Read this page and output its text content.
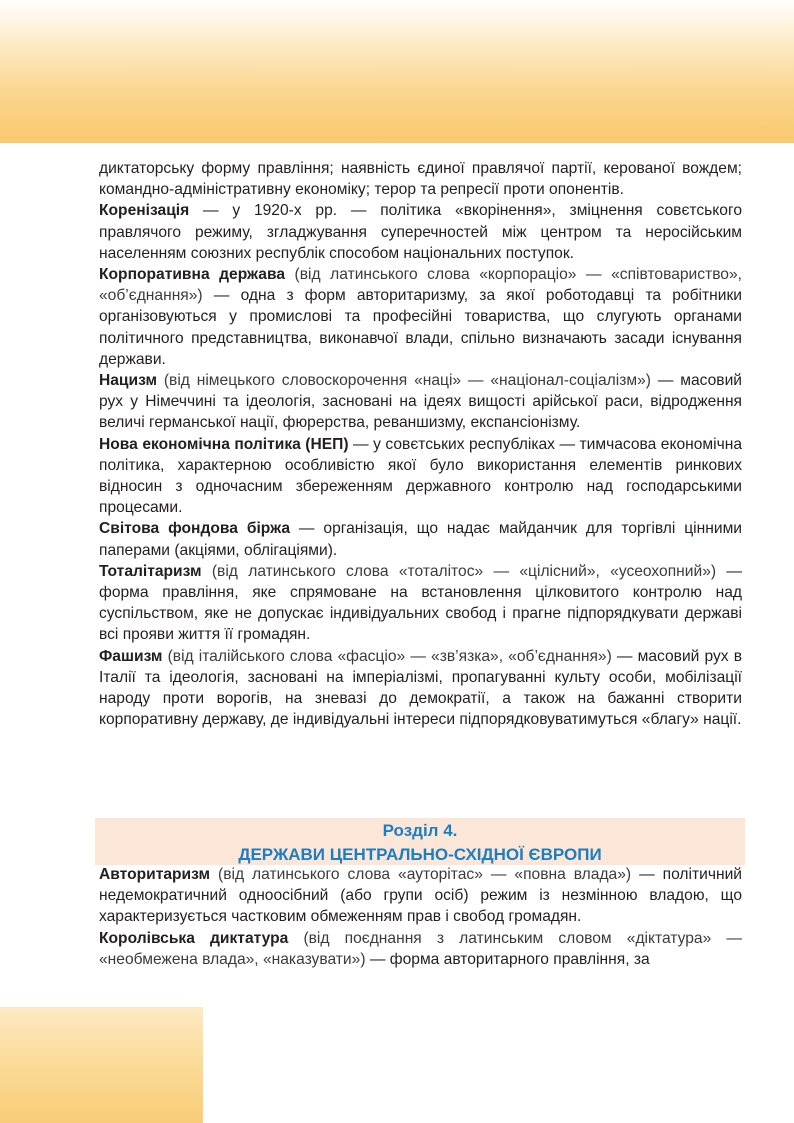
диктаторську форму правління; наявність єдиної правлячої партії, керованої вождем; командно-адміністративну економіку; терор та репресії проти опонентів.

Коренізація — у 1920-х рр. — політика «вкорінення», зміцнення совєтського правлячого режиму, згладжування суперечностей між центром та неросійським населенням союзних республік способом національних поступок.

Корпоративна держава (від латинського слова «корпораціо» — «співтовариство», «об’єднання») — одна з форм авторитаризму, за якої роботодавці та робітники організовуються у промислові та професійні товариства, що слугують органами політичного представництва, виконавчої влади, спільно визначають засади існування держави.

Нацизм (від німецького словоскорочення «наці» — «націонал-соціалізм») — масовий рух у Німеччині та ідеологія, засновані на ідеях вищості арійської раси, відродження величі германської нації, фюрерства, реваншизму, експансіонізму.

Нова економічна політика (НЕП) — у совєтських республіках — тимчасова економічна політика, характерною особливістю якої було використання елементів ринкових відносин з одночасним збереженням державного контролю над господарськими процесами.

Світова фондова біржа — організація, що надає майданчик для торгівлі цінними паперами (акціями, облігаціями).

Тоталітаризм (від латинського слова «тоталітос» — «цілісний», «усеохопний») — форма правління, яке спрямоване на встановлення цілковитого контролю над суспільством, яке не допускає індивідуальних свобод і прагне підпорядкувати державі всі прояви життя її громадян.

Фашизм (від італійського слова «фасціо» — «зв’язка», «об’єднання») — масовий рух в Італії та ідеологія, засновані на імперіалізмі, пропагуванні культу особи, мобілізації народу проти ворогів, на зневазі до демократії, а також на бажанні створити корпоративну державу, де індивідуальні інтереси підпорядковуватимуться «благу» нації.

Розділ 4.
ДЕРЖАВИ ЦЕНТРАЛЬНО-СХІДНОЇ ЄВРОПИ

Авторитаризм (від латинського слова «ауторітас» — «повна влада») — політичний недемократичний одноосібний (або групи осіб) режим із незмінною владою, що характеризується частковим обмеженням прав і свобод громадян.

Королівська диктатура (від поєднання з латинським словом «діктатура» — «необмежена влада», «наказувати») — форма авторитарного правління, за
